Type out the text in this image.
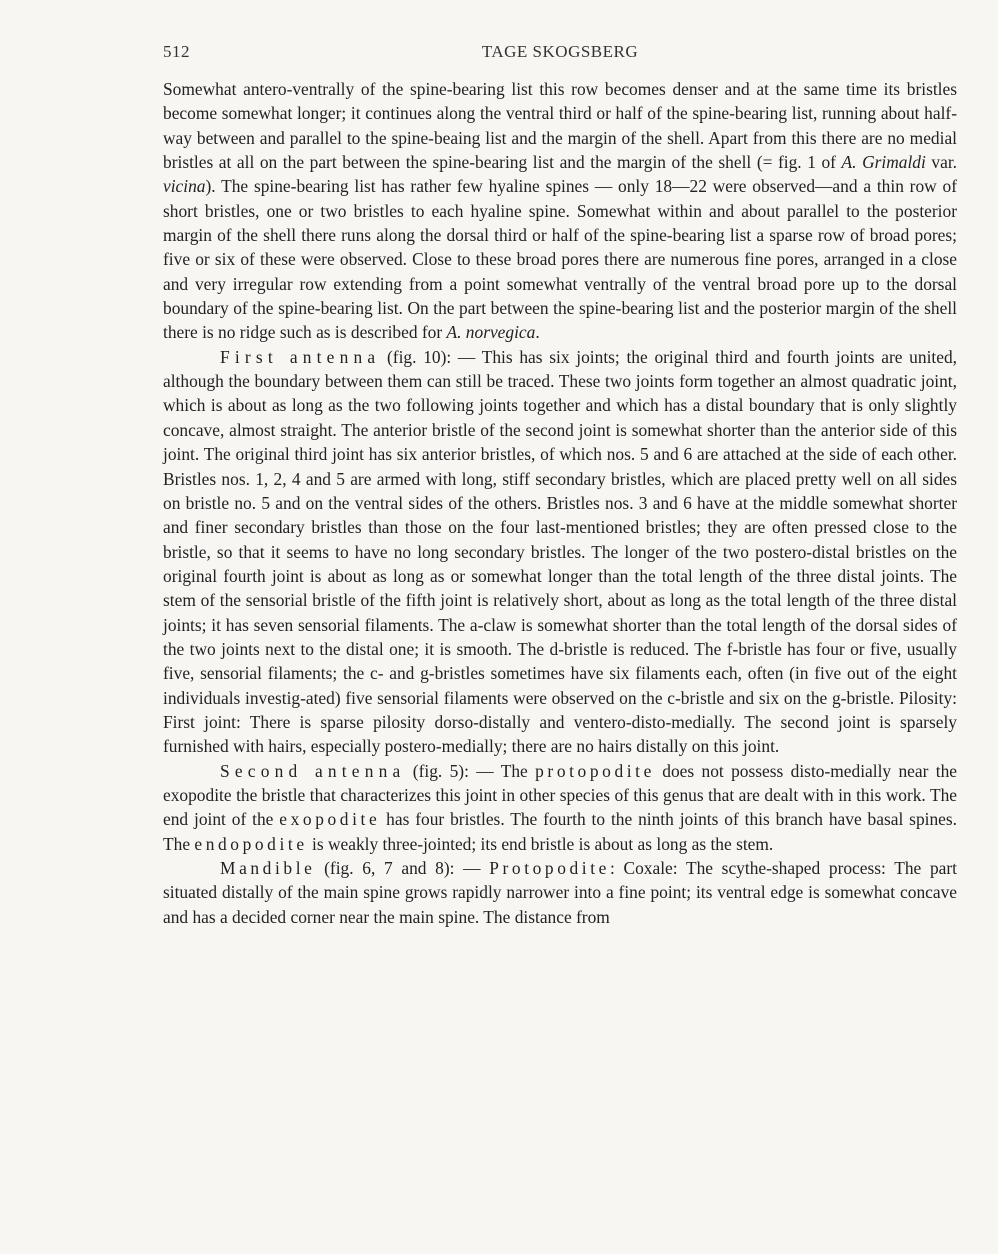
512	TAGE SKOGSBERG

Somewhat antero-ventrally of the spine-bearing list this row becomes denser and at the same time its bristles become somewhat longer; it continues along the ventral third or half of the spine-bearing list, running about half-way between and parallel to the spine-beaing list and the margin of the shell. Apart from this there are no medial bristles at all on the part between the spine-bearing list and the margin of the shell (= fig. 1 of A. Grimaldi var. vicina). The spine-bearing list has rather few hyaline spines — only 18—22 were observed—and a thin row of short bristles, one or two bristles to each hyaline spine. Somewhat within and about parallel to the posterior margin of the shell there runs along the dorsal third or half of the spine-bearing list a sparse row of broad pores; five or six of these were observed. Close to these broad pores there are numerous fine pores, arranged in a close and very irregular row extending from a point somewhat ventrally of the ventral broad pore up to the dorsal boundary of the spine-bearing list. On the part between the spine-bearing list and the posterior margin of the shell there is no ridge such as is described for A. norvegica.

First antenna (fig. 10): — This has six joints; the original third and fourth joints are united, although the boundary between them can still be traced. These two joints form together an almost quadratic joint, which is about as long as the two following joints together and which has a distal boundary that is only slightly concave, almost straight. The anterior bristle of the second joint is somewhat shorter than the anterior side of this joint. The original third joint has six anterior bristles, of which nos. 5 and 6 are attached at the side of each other. Bristles nos. 1, 2, 4 and 5 are armed with long, stiff secondary bristles, which are placed pretty well on all sides on bristle no. 5 and on the ventral sides of the others. Bristles nos. 3 and 6 have at the middle somewhat shorter and finer secondary bristles than those on the four last-mentioned bristles; they are often pressed close to the bristle, so that it seems to have no long secondary bristles. The longer of the two postero-distal bristles on the original fourth joint is about as long as or somewhat longer than the total length of the three distal joints. The stem of the sensorial bristle of the fifth joint is relatively short, about as long as the total length of the three distal joints; it has seven sensorial filaments. The a-claw is somewhat shorter than the total length of the dorsal sides of the two joints next to the distal one; it is smooth. The d-bristle is reduced. The f-bristle has four or five, usually five, sensorial filaments; the c- and g-bristles sometimes have six filaments each, often (in five out of the eight individuals investig-ated) five sensorial filaments were observed on the c-bristle and six on the g-bristle. Pilosity: First joint: There is sparse pilosity dorso-distally and ventero-disto-medially. The second joint is sparsely furnished with hairs, especially postero-medially; there are no hairs distally on this joint.

Second antenna (fig. 5): — The protopodite does not possess disto-medially near the exopodite the bristle that characterizes this joint in other species of this genus that are dealt with in this work. The end joint of the exopodite has four bristles. The fourth to the ninth joints of this branch have basal spines. The endopodite is weakly three-jointed; its end bristle is about as long as the stem.

Mandible (fig. 6, 7 and 8): — Protopodite: Coxale: The scythe-shaped process: The part situated distally of the main spine grows rapidly narrower into a fine point; its ventral edge is somewhat concave and has a decided corner near the main spine. The distance from
